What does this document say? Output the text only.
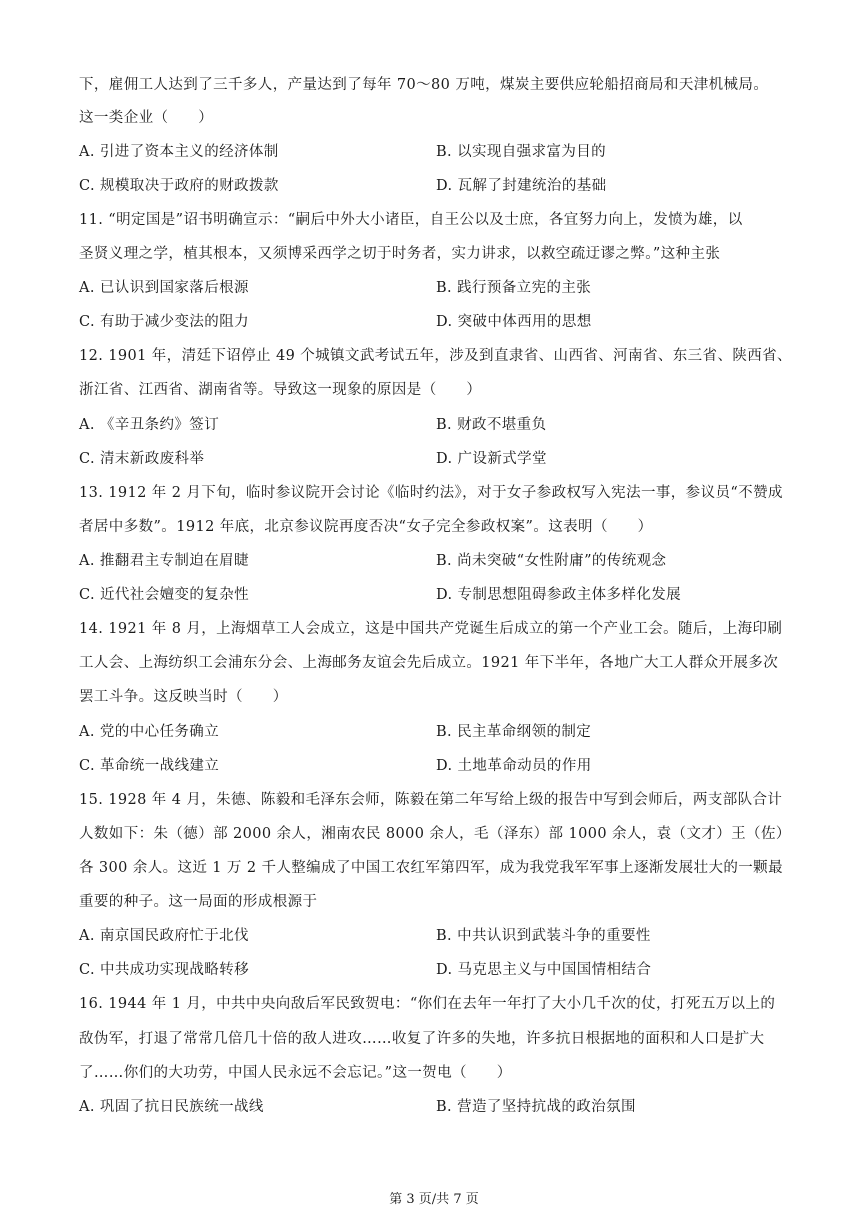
下，雇佣工人达到了三千多人，产量达到了每年 70～80 万吨，煤炭主要供应轮船招商局和天津机械局。
这一类企业（　　）
A. 引进了资本主义的经济体制	B. 以实现自强求富为目的
C. 规模取决于政府的财政拨款	D. 瓦解了封建统治的基础
11. “明定国是”诏书明确宣示：“嗣后中外大小诸臣，自王公以及士庶，各宜努力向上，发愤为雄，以
圣贤义理之学，植其根本，又须博采西学之切于时务者，实力讲求，以救空疏迂谬之弊。”这种主张
A. 已认识到国家落后根源	B. 践行预备立宪的主张
C. 有助于减少变法的阻力	D. 突破中体西用的思想
12. 1901 年，清廷下诏停止 49 个城镇文武考试五年，涉及到直隶省、山西省、河南省、东三省、陕西省、
浙江省、江西省、湖南省等。导致这一现象的原因是（　　）
A. 《辛丑条约》签订	B. 财政不堪重负
C. 清末新政废科举	D. 广设新式学堂
13. 1912 年 2 月下旬，临时参议院开会讨论《临时约法》，对于女子参政权写入宪法一事，参议员“不赞成
者居中多数”。1912 年底，北京参议院再度否决“女子完全参政权案”。这表明（　　）
A. 推翻君主专制迫在眉睫	B. 尚未突破“女性附庸”的传统观念
C. 近代社会嬗变的复杂性	D. 专制思想阻碍参政主体多样化发展
14. 1921 年 8 月，上海烟草工人会成立，这是中国共产党诞生后成立的第一个产业工会。随后，上海印刷
工人会、上海纺织工会浦东分会、上海邮务友谊会先后成立。1921 年下半年，各地广大工人群众开展多次
罢工斗争。这反映当时（　　）
A. 党的中心任务确立	B. 民主革命纲领的制定
C. 革命统一战线建立	D. 土地革命动员的作用
15. 1928 年 4 月，朱德、陈毅和毛泽东会师，陈毅在第二年写给上级的报告中写到会师后，两支部队合计
人数如下：朱（德）部 2000 余人，湘南农民 8000 余人，毛（泽东）部 1000 余人，袁（文才）王（佐）
各 300 余人。这近 1 万 2 千人整编成了中国工农红军第四军，成为我党我军军事上逐渐发展壮大的一颗最
重要的种子。这一局面的形成根源于
A. 南京国民政府忙于北伐	B. 中共认识到武装斗争的重要性
C. 中共成功实现战略转移	D. 马克思主义与中国国情相结合
16. 1944 年 1 月，中共中央向敌后军民致贺电：“你们在去年一年打了大小几千次的仗，打死五万以上的
敌伪军，打退了常常几倍几十倍的敌人进攻……收复了许多的失地，许多抗日根据地的面积和人口是扩大
了……你们的大功劳，中国人民永远不会忘记。”这一贺电（　　）
A. 巩固了抗日民族统一战线	B. 营造了坚持抗战的政治氛围
第 3 页/共 7 页
